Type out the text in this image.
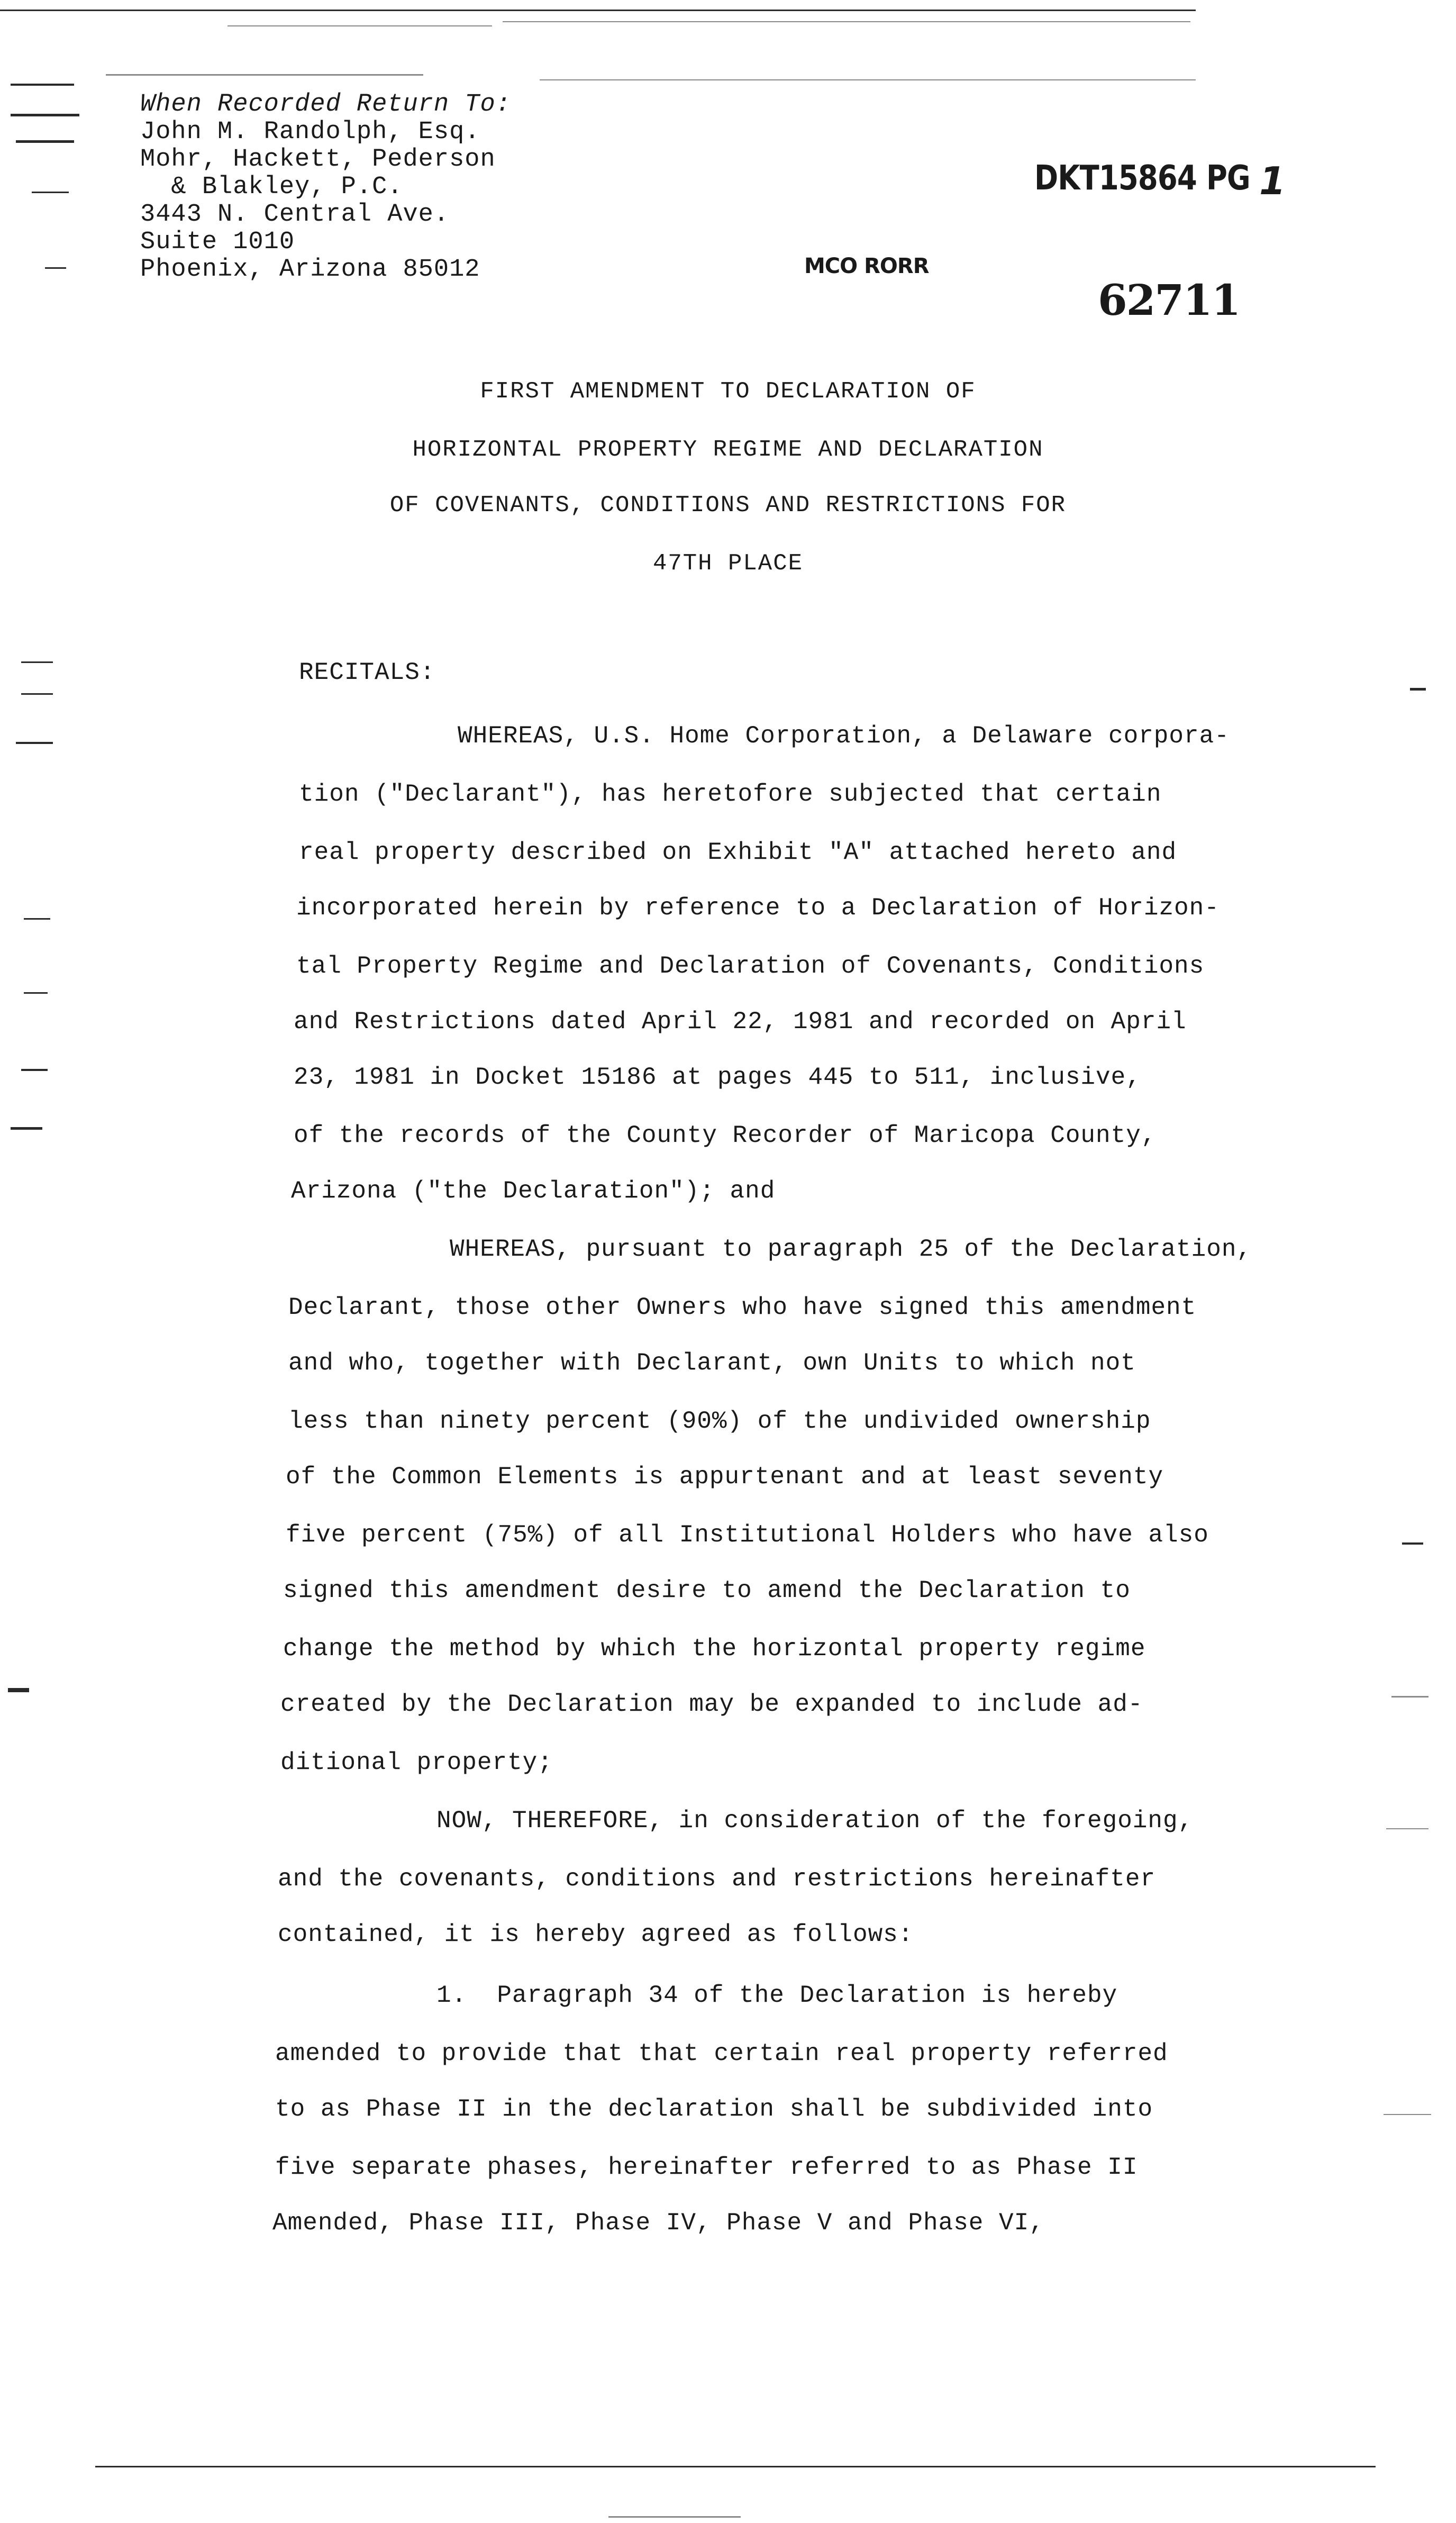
When Recorded Return To:
John M. Randolph, Esq.
Mohr, Hackett, Pederson
& Blakley, P.C.
3443 N. Central Ave.
Suite 1010
Phoenix, Arizona 85012
DKT15864 PG 1
MCO RORR
62711
FIRST AMENDMENT TO DECLARATION OF
HORIZONTAL PROPERTY REGIME AND DECLARATION
OF COVENANTS, CONDITIONS AND RESTRICTIONS FOR
47TH PLACE
RECITALS:
WHEREAS, U.S. Home Corporation, a Delaware corpora-
tion ("Declarant"), has heretofore subjected that certain
real property described on Exhibit "A" attached hereto and
incorporated herein by reference to a Declaration of Horizon-
tal Property Regime and Declaration of Covenants, Conditions
and Restrictions dated April 22, 1981 and recorded on April
23, 1981 in Docket 15186 at pages 445 to 511, inclusive,
of the records of the County Recorder of Maricopa County,
Arizona ("the Declaration"); and
WHEREAS, pursuant to paragraph 25 of the Declaration,
Declarant, those other Owners who have signed this amendment
and who, together with Declarant, own Units to which not
less than ninety percent (90%) of the undivided ownership
of the Common Elements is appurtenant and at least seventy
five percent (75%) of all Institutional Holders who have also
signed this amendment desire to amend the Declaration to
change the method by which the horizontal property regime
created by the Declaration may be expanded to include ad-
ditional property;
NOW, THEREFORE, in consideration of the foregoing,
and the covenants, conditions and restrictions hereinafter
contained, it is hereby agreed as follows:
1.  Paragraph 34 of the Declaration is hereby
amended to provide that that certain real property referred
to as Phase II in the declaration shall be subdivided into
five separate phases, hereinafter referred to as Phase II
Amended, Phase III, Phase IV, Phase V and Phase VI,
